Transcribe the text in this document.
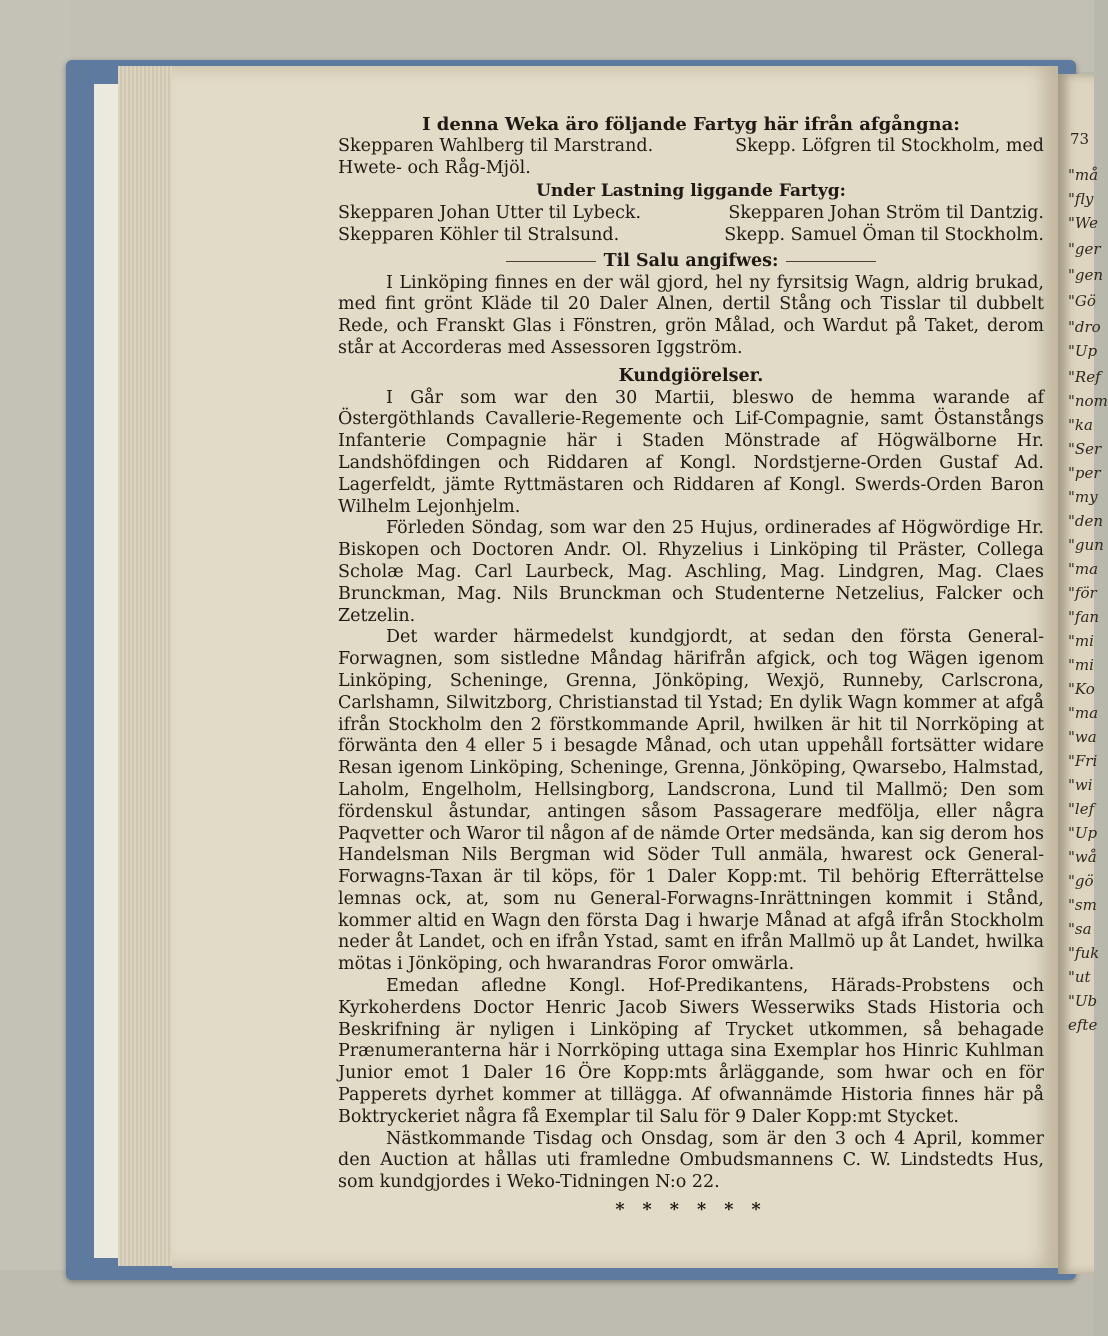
73
"må
"fly
"We
"ger
"gen
"Gö
"dro
"Up
"Ref
"nom
"ka
"Ser
"per
"my
"den
"gun
"ma
"för
"fan
"mi
"mi
"Ko
"ma
"wa
"Fri
"wi
"lef
"Up
"wå
"gö
"sm
"sa
"fuk
"ut
"Ub
efte

I denna Weka äro följande Fartyg här ifrån afgångna:

Skepparen Wahlberg til Marstrand.	Skepp. Löfgren til Stockholm, med

Hwete- och Råg-Mjöl.

Under Lastning liggande Fartyg:

Skepparen Johan Utter til Lybeck.	Skepparen Johan Ström til Dantzig.
Skepparen Köhler til Stralsund.	Skepp. Samuel Öman til Stockholm.

Til Salu angifwes:

I Linköping finnes en der wäl gjord, hel ny fyrsitsig Wagn, aldrig brukad, med fint grönt Kläde til 20 Daler Alnen, dertil Stång och Tisslar til dubbelt Rede, och Franskt Glas i Fönstren, grön Målad, och Wardut på Taket, derom står at Accorderas med Assessoren Iggström.

Kundgiörelser.

I Går som war den 30 Martii, bleswo de hemma warande af Östergöthlands Cavallerie-Regemente och Lif-Compagnie, samt Östanstångs Infanterie Compagnie här i Staden Mönstrade af Högwälborne Hr. Landshöfdingen och Riddaren af Kongl. Nordstjerne-Orden Gustaf Ad. Lagerfeldt, jämte Ryttmästaren och Riddaren af Kongl. Swerds-Orden Baron Wilhelm Lejonhjelm.

Förleden Söndag, som war den 25 Hujus, ordinerades af Högwördige Hr. Biskopen och Doctoren Andr. Ol. Rhyzelius i Linköping til Präster, Collega Scholæ Mag. Carl Laurbeck, Mag. Aschling, Mag. Lindgren, Mag. Claes Brunckman, Mag. Nils Brunckman och Studenterne Netzelius, Falcker och Zetzelin.

Det warder härmedelst kundgjordt, at sedan den första General-Forwagnen, som sistledne Måndag härifrån afgick, och tog Wägen igenom Linköping, Scheninge, Grenna, Jönköping, Wexjö, Runneby, Carlscrona, Carlshamn, Silwitzborg, Christianstad til Ystad; En dylik Wagn kommer at afgå ifrån Stockholm den 2 förstkommande April, hwilken är hit til Norrköping at förwänta den 4 eller 5 i besagde Månad, och utan uppehåll fortsätter widare Resan igenom Linköping, Scheninge, Grenna, Jönköping, Qwarsebo, Halmstad, Laholm, Engelholm, Hellsingborg, Landscrona, Lund til Mallmö; Den som fördenskul åstundar, antingen såsom Passagerare medfölja, eller några Paqvetter och Waror til någon af de nämde Orter medsända, kan sig derom hos Handelsman Nils Bergman wid Söder Tull anmäla, hwarest ock General-Forwagns-Taxan är til köps, för 1 Daler Kopp:mt. Til behörig Efterrättelse lemnas ock, at, som nu General-Forwagns-Inrättningen kommit i Stånd, kommer altid en Wagn den första Dag i hwarje Månad at afgå ifrån Stockholm neder åt Landet, och en ifrån Ystad, samt en ifrån Mallmö up åt Landet, hwilka mötas i Jönköping, och hwarandras Foror omwärla.

Emedan afledne Kongl. Hof-Predikantens, Härads-Probstens och Kyrkoherdens Doctor Henric Jacob Siwers Wesserwiks Stads Historia och Beskrifning är nyligen i Linköping af Trycket utkommen, så behagade Prænumeranterna här i Norrköping uttaga sina Exemplar hos Hinric Kuhlman Junior emot 1 Daler 16 Öre Kopp:mts årläggande, som hwar och en för Papperets dyrhet kommer at tillägga. Af ofwannämde Historia finnes här på Boktryckeriet några få Exemplar til Salu för 9 Daler Kopp:mt Stycket.

Nästkommande Tisdag och Onsdag, som är den 3 och 4 April, kommer den Auction at hållas uti framledne Ombudsmannens C. W. Lindstedts Hus, som kundgjordes i Weko-Tidningen N:o 22.

* * * * * *
